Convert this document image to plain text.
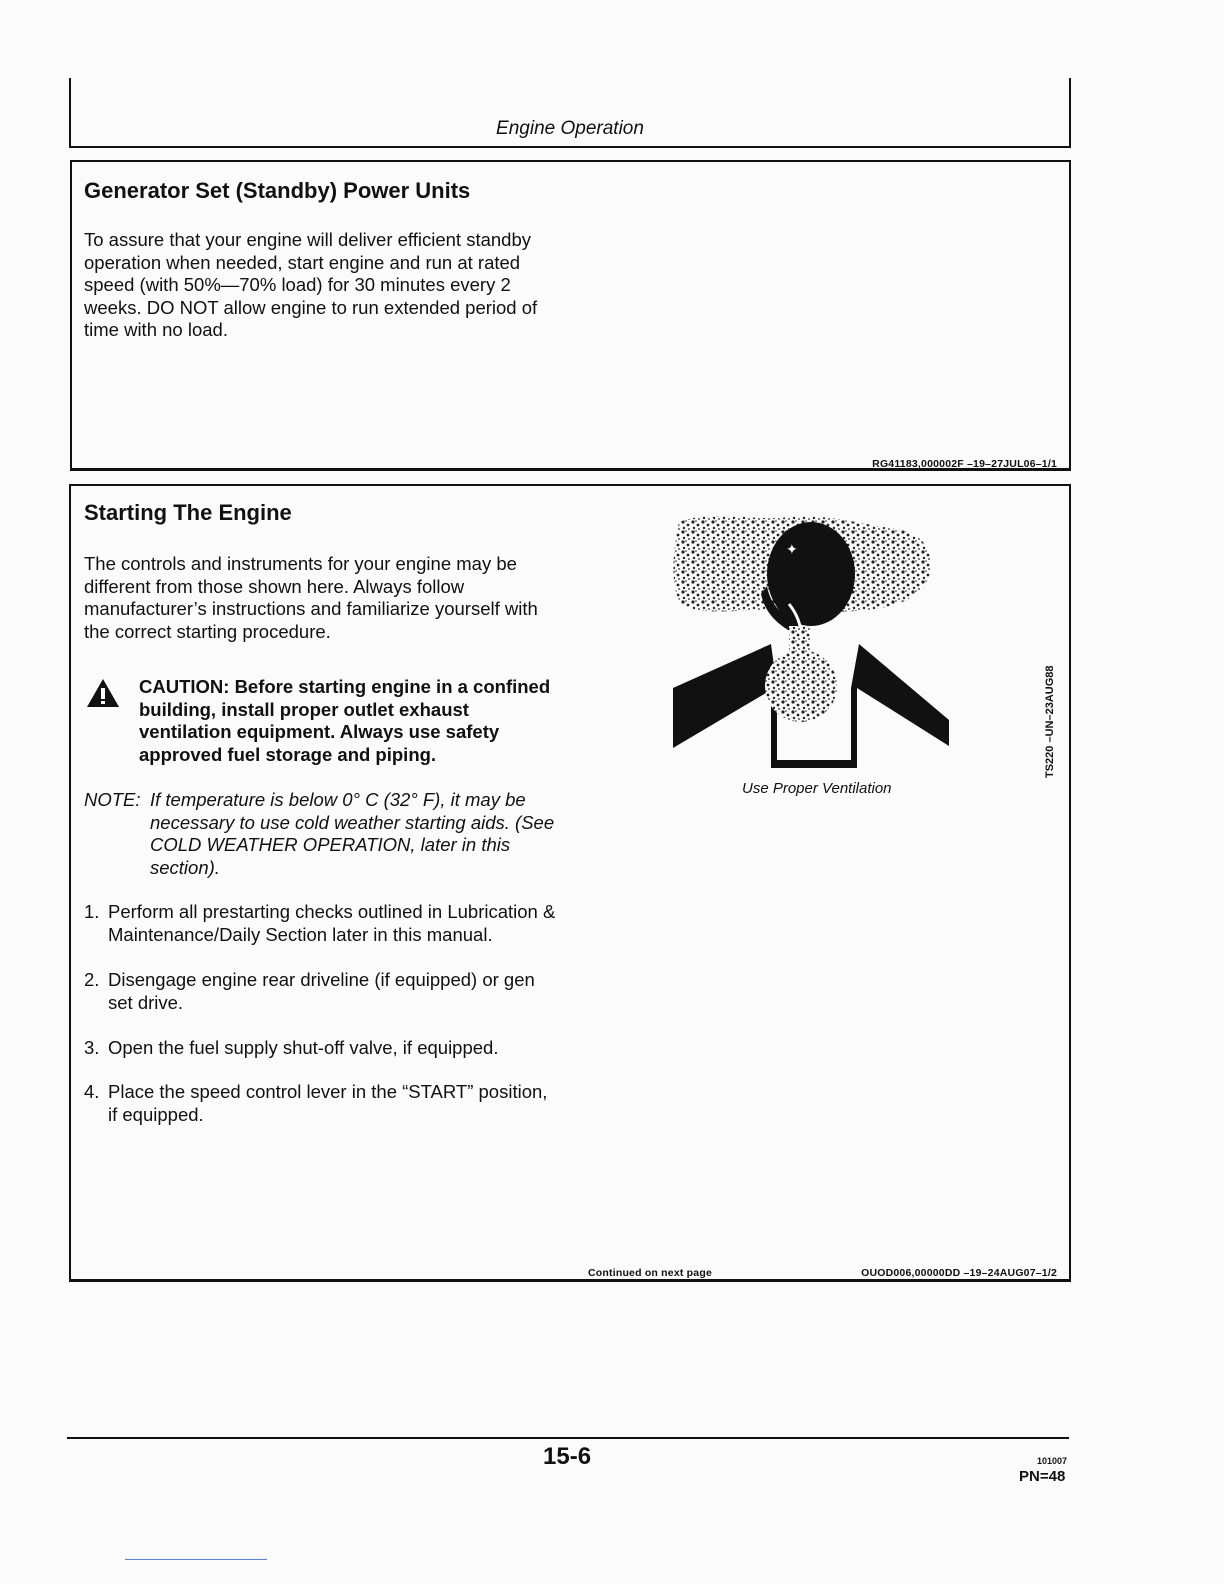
Engine Operation
Generator Set (Standby) Power Units
To assure that your engine will deliver efficient standby
operation when needed, start engine and run at rated
speed (with 50%—70% load) for 30 minutes every 2
weeks. DO NOT allow engine to run extended period of
time with no load.
RG41183,000002F –19–27JUL06–1/1
Starting The Engine
The controls and instruments for your engine may be
different from those shown here. Always follow
manufacturer’s instructions and familiarize yourself with
the correct starting procedure.
CAUTION: Before starting engine in a confined
building, install proper outlet exhaust
ventilation equipment. Always use safety
approved fuel storage and piping.
NOTE: If temperature is below 0° C (32° F), it may be
necessary to use cold weather starting aids. (See
COLD WEATHER OPERATION, later in this
section).
1. Perform all prestarting checks outlined in Lubrication &
Maintenance/Daily Section later in this manual.
2. Disengage engine rear driveline (if equipped) or gen
set drive.
3. Open the fuel supply shut-off valve, if equipped.
4. Place the speed control lever in the “START” position,
if equipped.
✦
Use Proper Ventilation
TS220 –UN–23AUG88
Continued on next page	OUOD006,00000DD –19–24AUG07–1/2
15-6	101007
PN=48
